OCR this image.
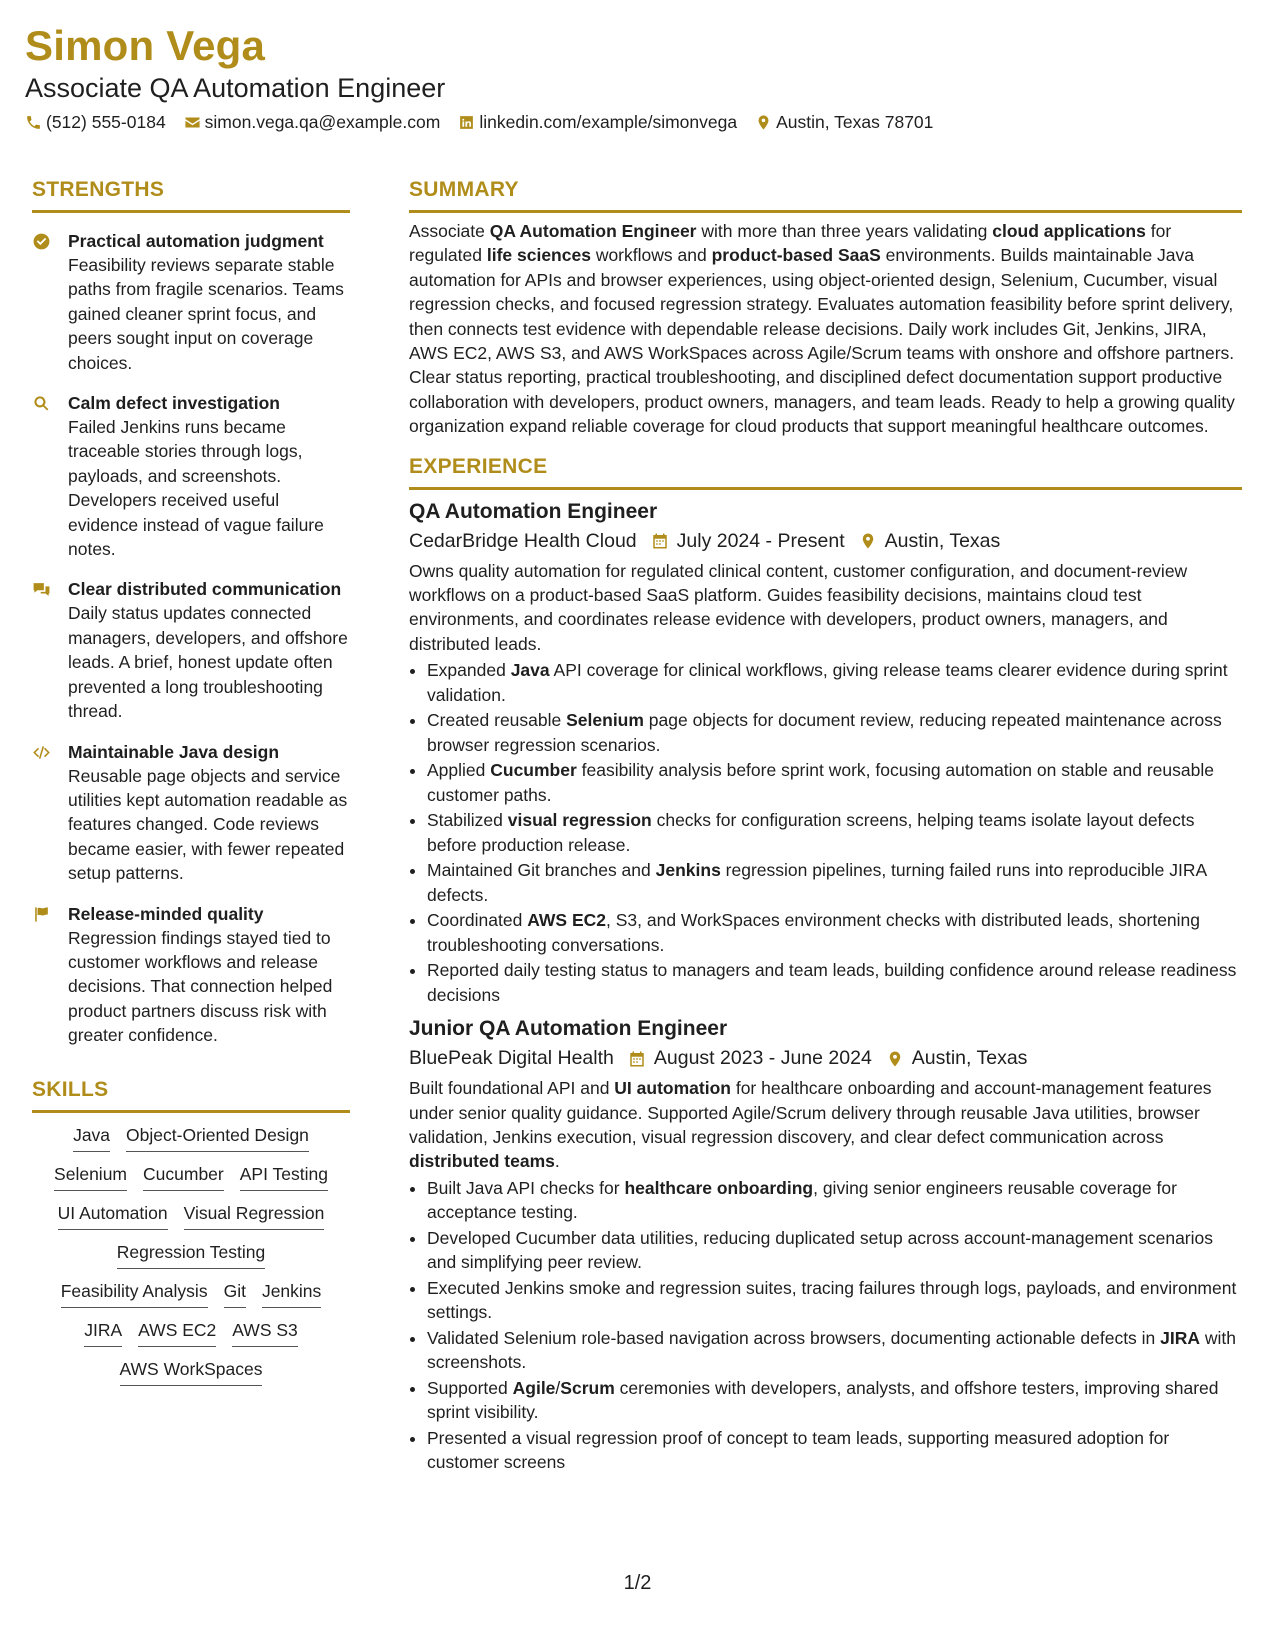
Simon Vega
Associate QA Automation Engineer
(512) 555-0184 simon.vega.qa@example.com linkedin.com/example/simonvega Austin, Texas 78701
STRENGTHS
Practical automation judgment
Feasibility reviews separate stable paths from fragile scenarios. Teams gained cleaner sprint focus, and peers sought input on coverage choices.
Calm defect investigation
Failed Jenkins runs became traceable stories through logs, payloads, and screenshots. Developers received useful evidence instead of vague failure notes.
Clear distributed communication
Daily status updates connected managers, developers, and offshore leads. A brief, honest update often prevented a long troubleshooting thread.
Maintainable Java design
Reusable page objects and service utilities kept automation readable as features changed. Code reviews became easier, with fewer repeated setup patterns.
Release-minded quality
Regression findings stayed tied to customer workflows and release decisions. That connection helped product partners discuss risk with greater confidence.
SKILLS
Java Object-Oriented Design
Selenium Cucumber API Testing
UI Automation Visual Regression
Regression Testing
Feasibility Analysis Git Jenkins
JIRA AWS EC2 AWS S3
AWS WorkSpaces
SUMMARY
Associate QA Automation Engineer with more than three years validating cloud applications for regulated life sciences workflows and product-based SaaS environments. Builds maintainable Java automation for APIs and browser experiences, using object-oriented design, Selenium, Cucumber, visual regression checks, and focused regression strategy. Evaluates automation feasibility before sprint delivery, then connects test evidence with dependable release decisions. Daily work includes Git, Jenkins, JIRA, AWS EC2, AWS S3, and AWS WorkSpaces across Agile/Scrum teams with onshore and offshore partners. Clear status reporting, practical troubleshooting, and disciplined defect documentation support productive collaboration with developers, product owners, managers, and team leads. Ready to help a growing quality organization expand reliable coverage for cloud products that support meaningful healthcare outcomes.
EXPERIENCE
QA Automation Engineer
CedarBridge Health Cloud July 2024 - Present Austin, Texas
Owns quality automation for regulated clinical content, customer configuration, and document-review workflows on a product-based SaaS platform. Guides feasibility decisions, maintains cloud test environments, and coordinates release evidence with developers, product owners, managers, and distributed leads.
• Expanded Java API coverage for clinical workflows, giving release teams clearer evidence during sprint validation.
• Created reusable Selenium page objects for document review, reducing repeated maintenance across browser regression scenarios.
• Applied Cucumber feasibility analysis before sprint work, focusing automation on stable and reusable customer paths.
• Stabilized visual regression checks for configuration screens, helping teams isolate layout defects before production release.
• Maintained Git branches and Jenkins regression pipelines, turning failed runs into reproducible JIRA defects.
• Coordinated AWS EC2, S3, and WorkSpaces environment checks with distributed leads, shortening troubleshooting conversations.
• Reported daily testing status to managers and team leads, building confidence around release readiness decisions
Junior QA Automation Engineer
BluePeak Digital Health August 2023 - June 2024 Austin, Texas
Built foundational API and UI automation for healthcare onboarding and account-management features under senior quality guidance. Supported Agile/Scrum delivery through reusable Java utilities, browser validation, Jenkins execution, visual regression discovery, and clear defect communication across distributed teams.
• Built Java API checks for healthcare onboarding, giving senior engineers reusable coverage for acceptance testing.
• Developed Cucumber data utilities, reducing duplicated setup across account-management scenarios and simplifying peer review.
• Executed Jenkins smoke and regression suites, tracing failures through logs, payloads, and environment settings.
• Validated Selenium role-based navigation across browsers, documenting actionable defects in JIRA with screenshots.
• Supported Agile/Scrum ceremonies with developers, analysts, and offshore testers, improving shared sprint visibility.
• Presented a visual regression proof of concept to team leads, supporting measured adoption for customer screens
1/2
